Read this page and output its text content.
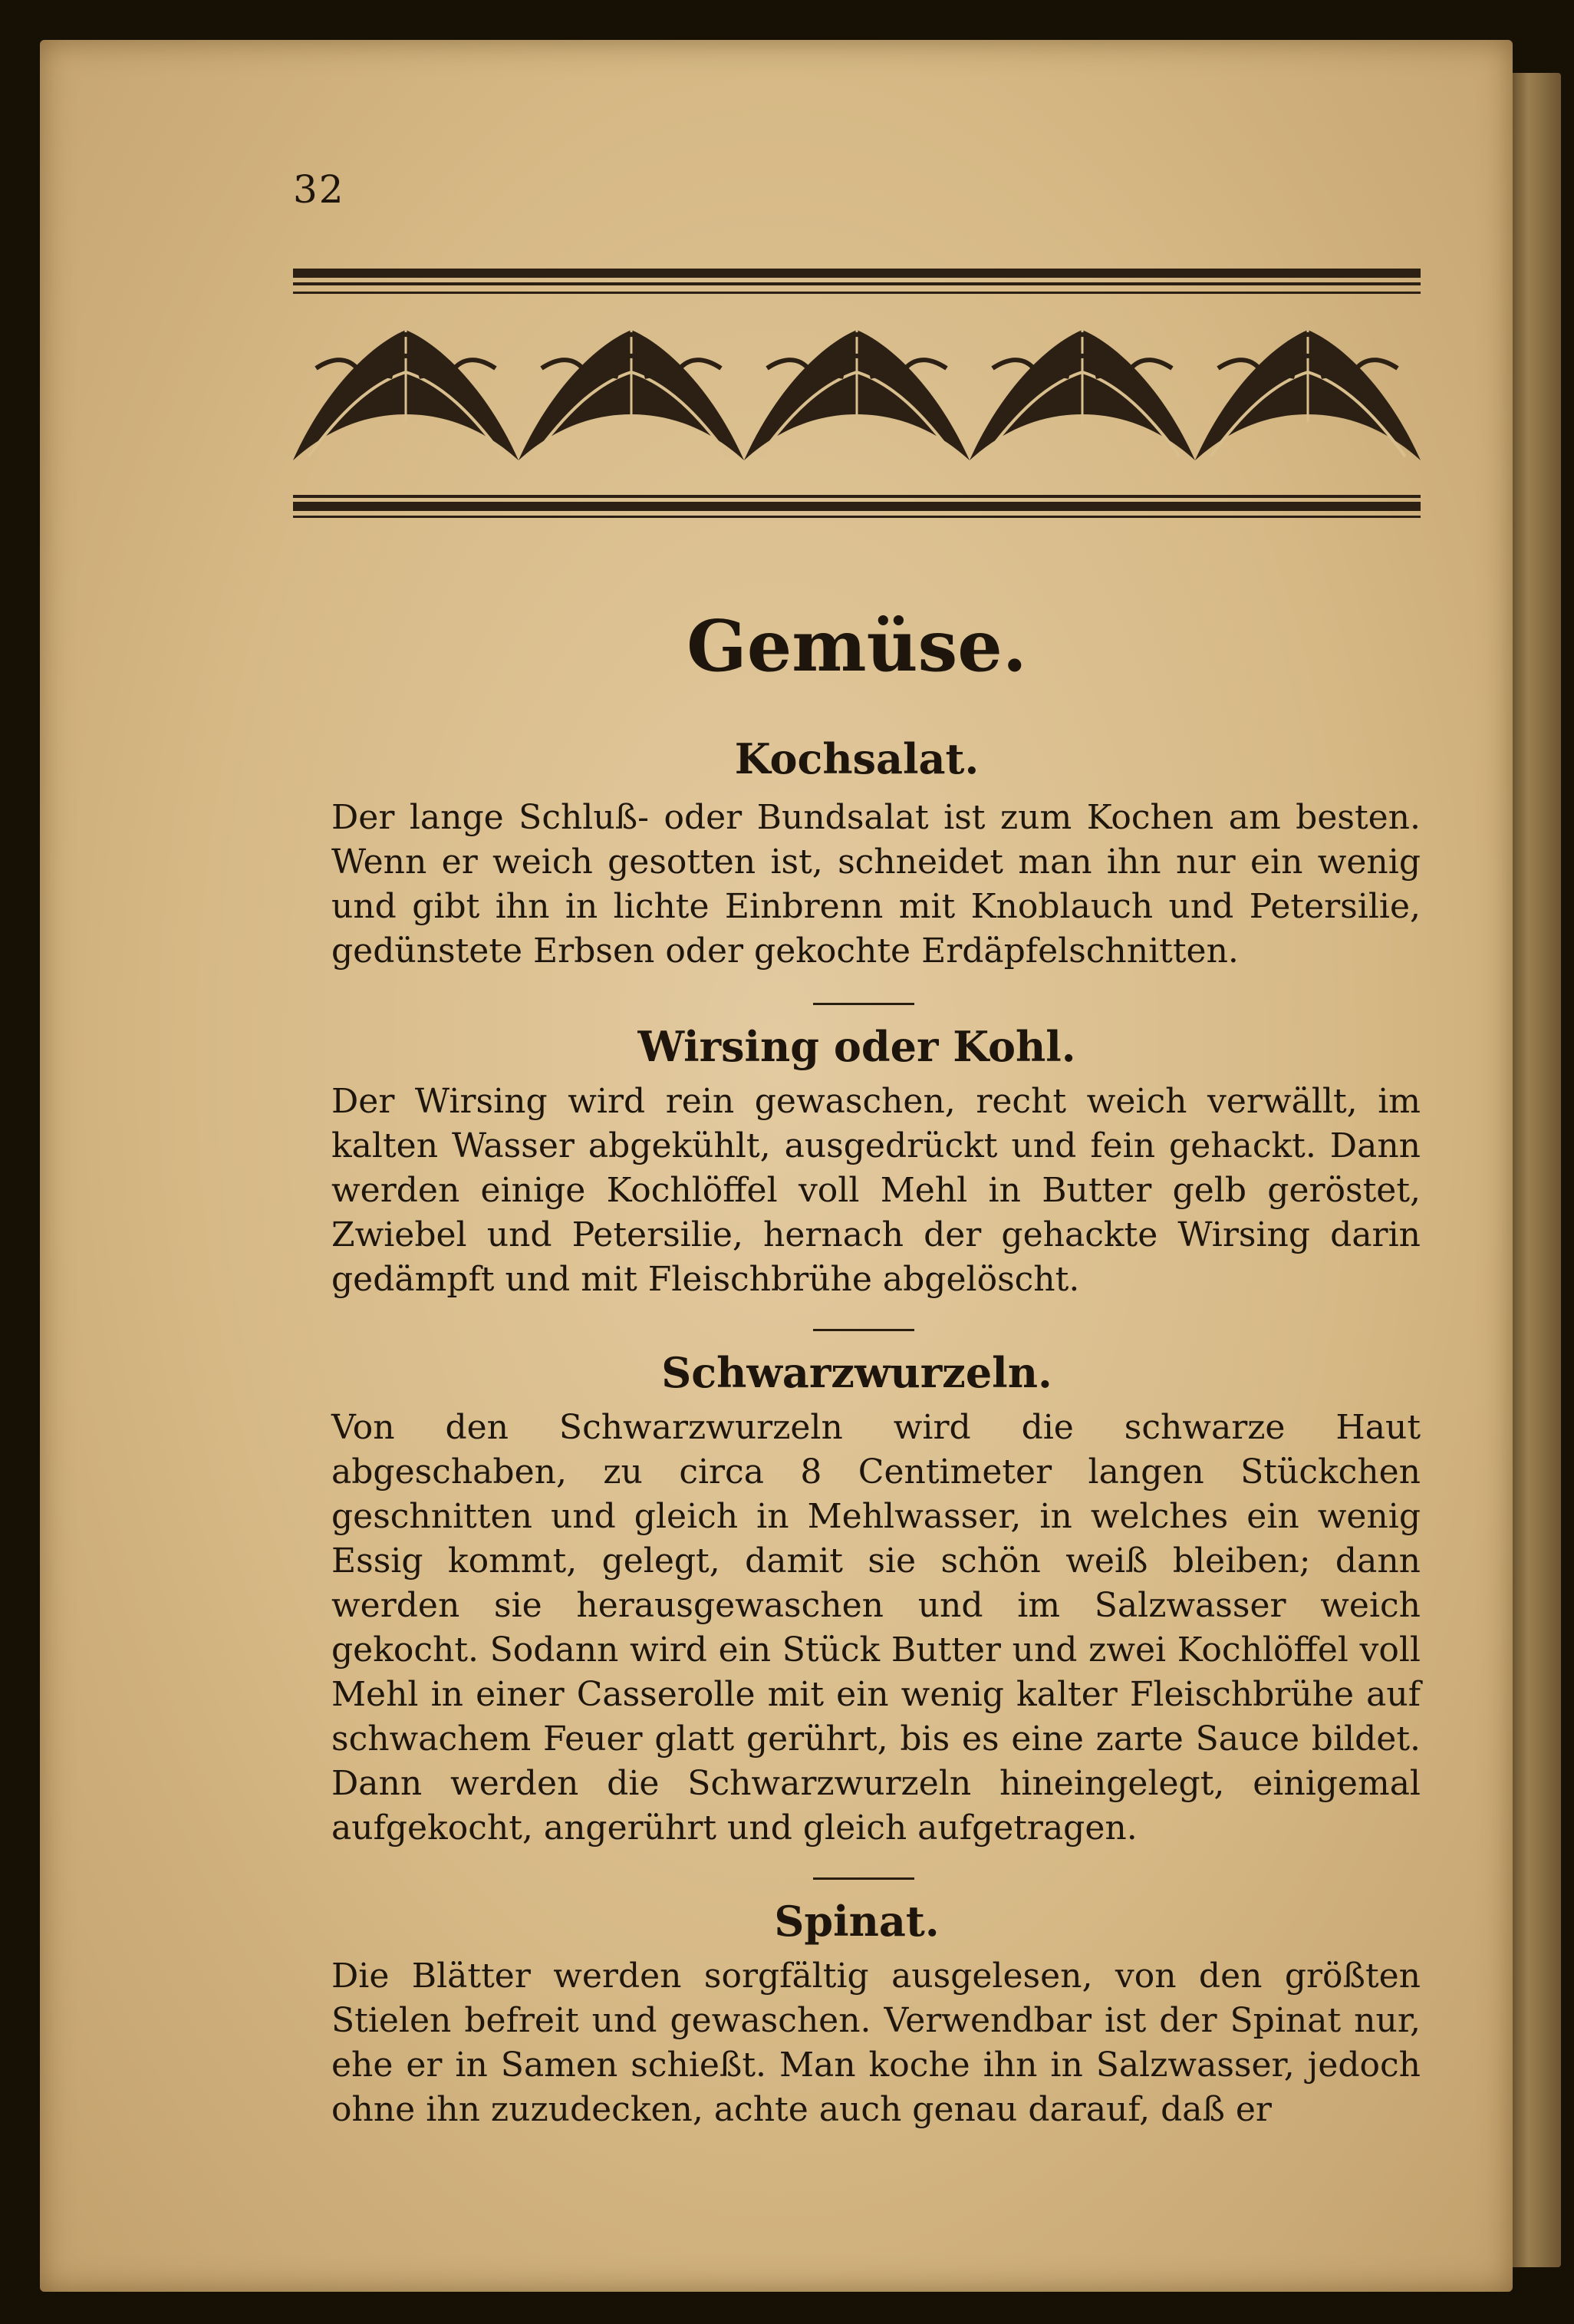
32
Gemüse.
Kochsalat.

Der lange Schluß- oder Bundsalat ist zum Kochen am besten. Wenn er weich gesotten ist, schneidet man ihn nur ein wenig und gibt ihn in lichte Einbrenn mit Knoblauch und Petersilie, gedünstete Erbsen oder gekochte Erdäpfelschnitten.

Wirsing oder Kohl.

Der Wirsing wird rein gewaschen, recht weich verwällt, im kalten Wasser abgekühlt, ausgedrückt und fein gehackt. Dann werden einige Kochlöffel voll Mehl in Butter gelb geröstet, Zwiebel und Petersilie, hernach der gehackte Wirsing darin gedämpft und mit Fleischbrühe abgelöscht.

Schwarzwurzeln.

Von den Schwarzwurzeln wird die schwarze Haut abgeschaben, zu circa 8 Centimeter langen Stückchen geschnitten und gleich in Mehlwasser, in welches ein wenig Essig kommt, gelegt, damit sie schön weiß bleiben; dann werden sie herausgewaschen und im Salzwasser weich gekocht. Sodann wird ein Stück Butter und zwei Kochlöffel voll Mehl in einer Casserolle mit ein wenig kalter Fleischbrühe auf schwachem Feuer glatt gerührt, bis es eine zarte Sauce bildet. Dann werden die Schwarzwurzeln hineingelegt, einigemal aufgekocht, angerührt und gleich aufgetragen.

Spinat.

Die Blätter werden sorgfältig ausgelesen, von den größten Stielen befreit und gewaschen. Verwendbar ist der Spinat nur, ehe er in Samen schießt. Man koche ihn in Salzwasser, jedoch ohne ihn zuzudecken, achte auch genau darauf, daß er
